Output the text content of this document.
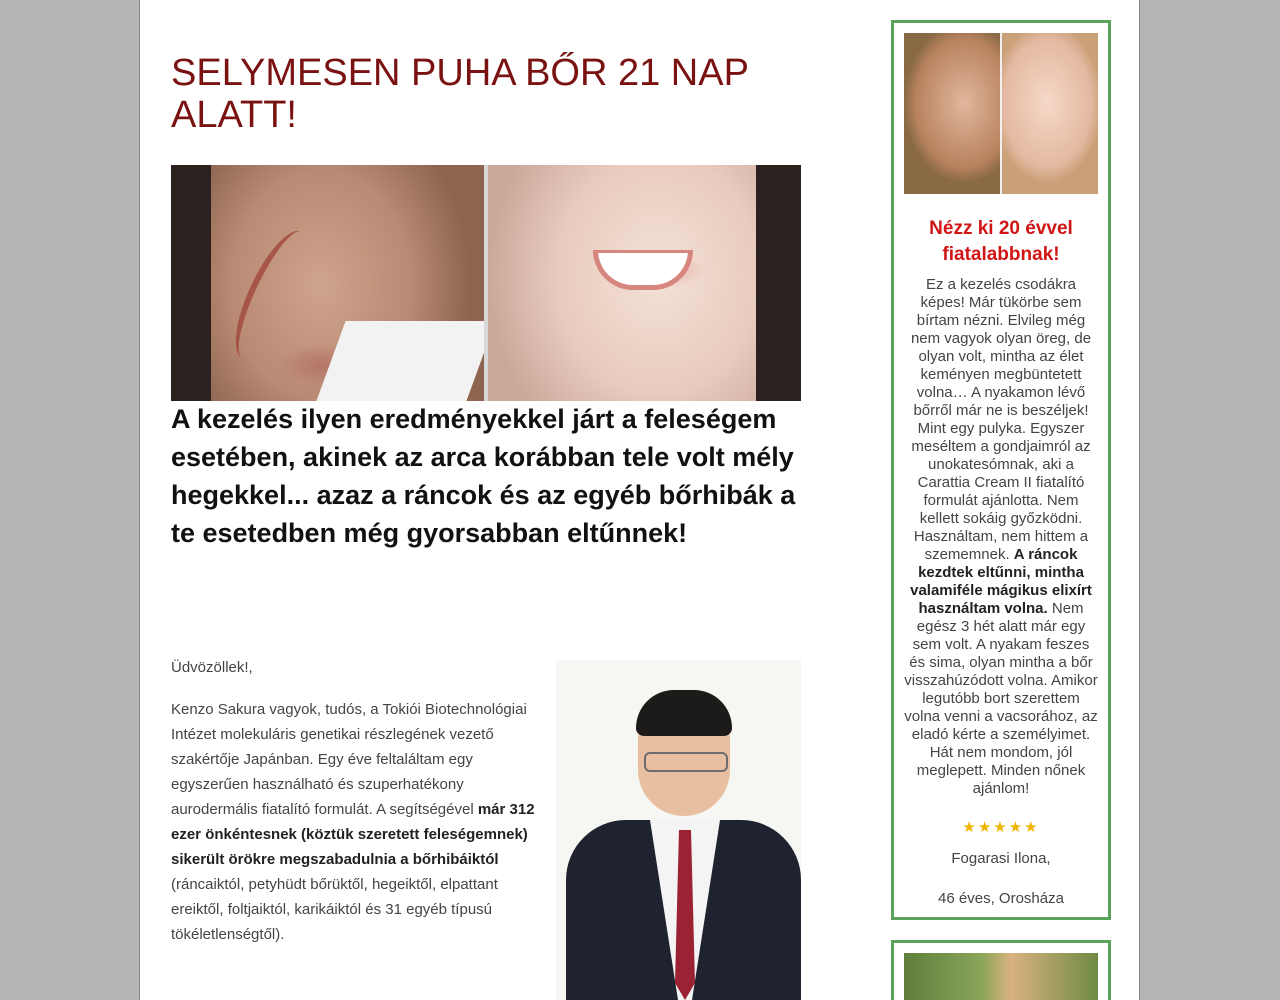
SELYMESEN PUHA BŐR 21 NAP ALATT!
A kezelés ilyen eredményekkel járt a feleségem esetében, akinek az arca korábban tele volt mély hegekkel... azaz a ráncok és az egyéb bőrhibák a te esetedben még gyorsabban eltűnnek!

Üdvözöllek!,

Kenzo Sakura vagyok, tudós, a Tokiói Biotechnológiai Intézet molekuláris genetikai részlegének vezető szakértője Japánban. Egy éve feltaláltam egy egyszerűen használható és szuperhatékony aurodermális fiatalító formulát. A segítségével már 312 ezer önkéntesnek (köztük szeretett feleségemnek) sikerült örökre megszabadulnia a bőrhibáiktól (ráncaiktól, petyhüdt bőrüktől, hegeiktől, elpattant ereiktől, foltjaiktól, karikáiktól és 31 egyéb típusú tökéletlenségtől).

Nézz ki 20 évvel fiatalabbnak!

Ez a kezelés csodákra képes! Már tükörbe sem bírtam nézni. Elvileg még nem vagyok olyan öreg, de olyan volt, mintha az élet keményen megbüntetett volna… A nyakamon lévő bőrről már ne is beszéljek! Mint egy pulyka. Egyszer meséltem a gondjaimról az unokatesómnak, aki a Carattia Cream II fiatalító formulát ajánlotta. Nem kellett sokáig győzködni. Használtam, nem hittem a szememnek. A ráncok kezdtek eltűnni, mintha valamiféle mágikus elixírt használtam volna. Nem egész 3 hét alatt már egy sem volt. A nyakam feszes és sima, olyan mintha a bőr visszahúzódott volna. Amikor legutóbb bort szerettem volna venni a vacsorához, az eladó kérte a személyimet. Hát nem mondom, jól meglepett. Minden nőnek ajánlom!

★★★★★
Fogarasi Ilona,
46 éves, Orosháza
